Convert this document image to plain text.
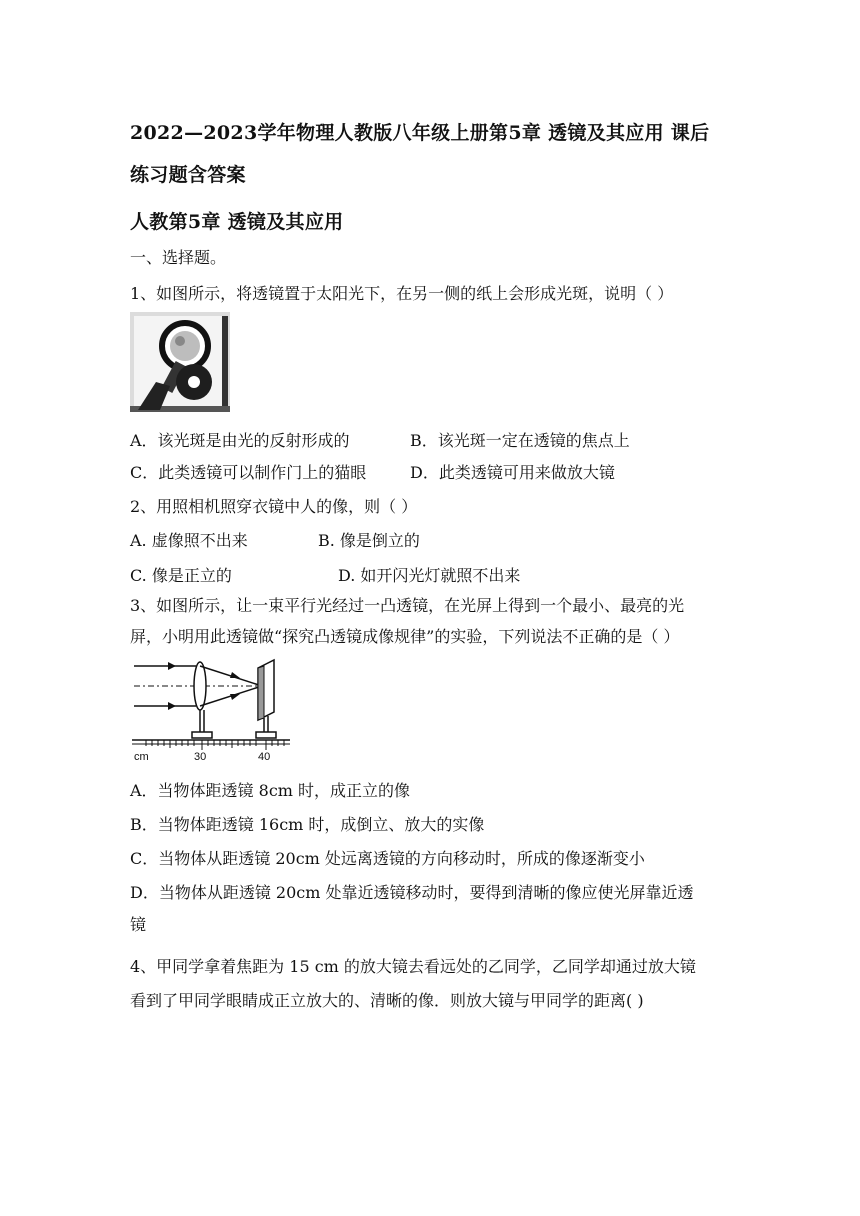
2022—2023学年物理人教版八年级上册第5章 透镜及其应用 课后
练习题含答案
人教第5章 透镜及其应用
一、选择题。
1、如图所示，将透镜置于太阳光下，在另一侧的纸上会形成光斑，说明（ ）
A．该光斑是由光的反射形成的	B．该光斑一定在透镜的焦点上
C．此类透镜可以制作门上的猫眼	D．此类透镜可用来做放大镜
2、用照相机照穿衣镜中人的像，则（ ）
A. 虚像照不出来	B. 像是倒立的
C. 像是正立的	D. 如开闪光灯就照不出来
3、如图所示，让一束平行光经过一凸透镜，在光屏上得到一个最小、最亮的光
屏，小明用此透镜做“探究凸透镜成像规律”的实验，下列说法不正确的是（ ）
cm	30	40
A．当物体距透镜 8cm 时，成正立的像
B．当物体距透镜 16cm 时，成倒立、放大的实像
C．当物体从距透镜 20cm 处远离透镜的方向移动时，所成的像逐渐变小
D．当物体从距透镜 20cm 处靠近透镜移动时，要得到清晰的像应使光屏靠近透
镜
4、甲同学拿着焦距为 15 cm 的放大镜去看远处的乙同学，乙同学却通过放大镜
看到了甲同学眼睛成正立放大的、清晰的像．则放大镜与甲同学的距离( )
